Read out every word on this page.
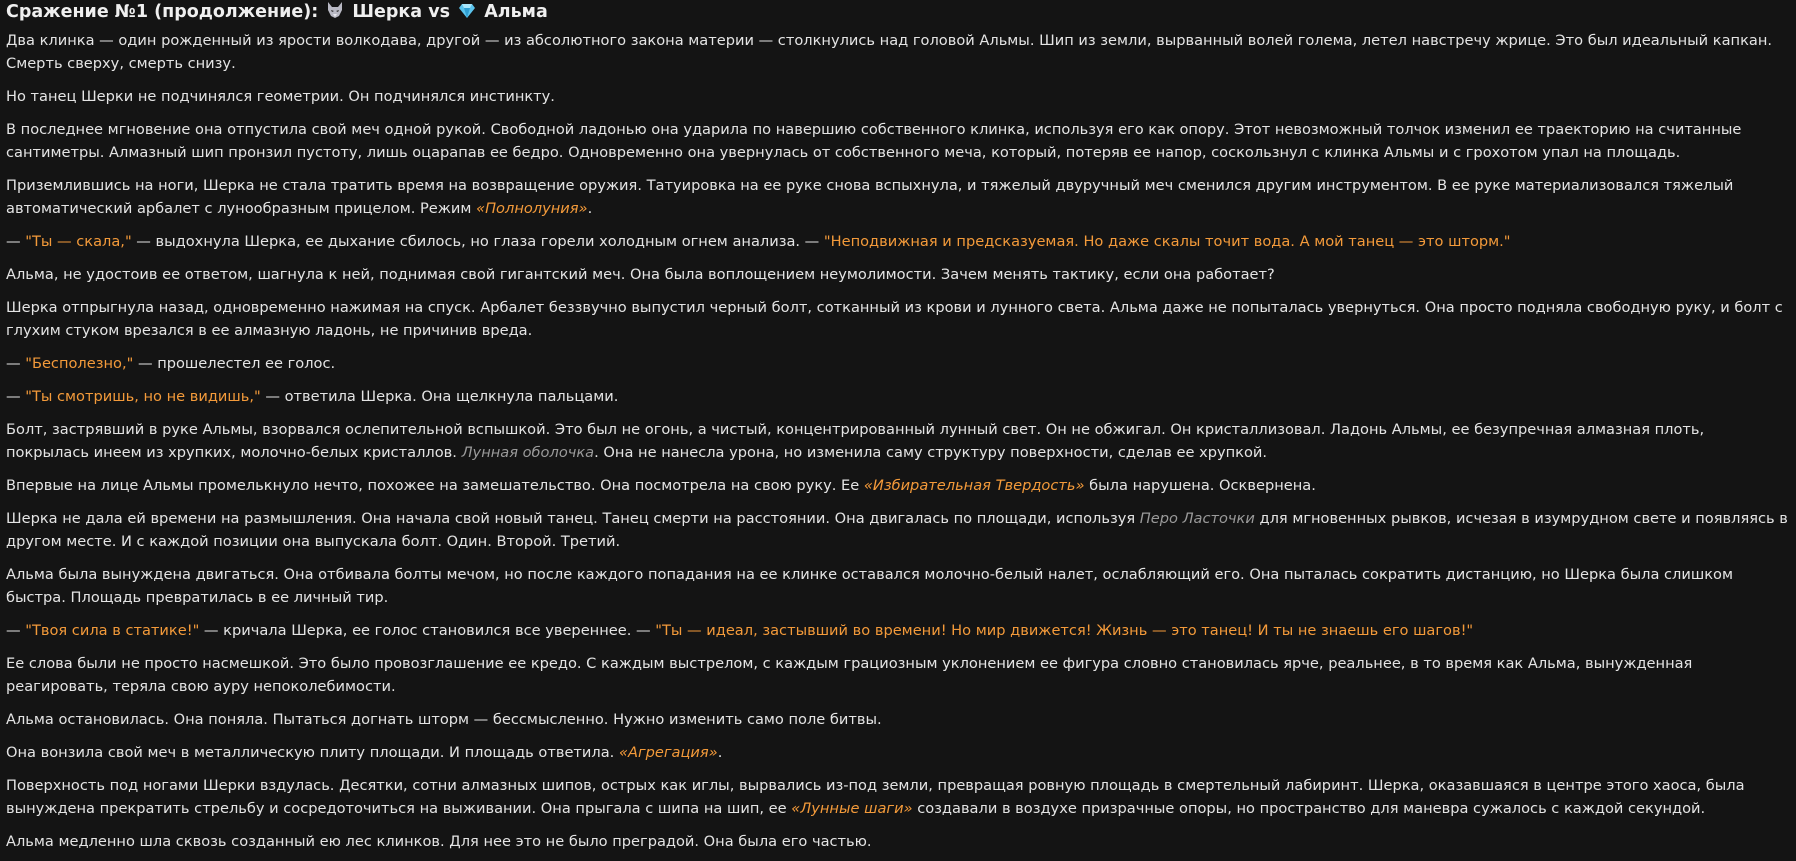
Сражение №1 (продолжение):  Шерка vs  Альма

Два клинка — один рожденный из ярости волкодава, другой — из абсолютного закона материи — столкнулись над головой Альмы. Шип из земли, вырванный волей голема, летел навстречу жрице. Это был идеальный капкан. Смерть сверху, смерть снизу.

Но танец Шерки не подчинялся геометрии. Он подчинялся инстинкту.

В последнее мгновение она отпустила свой меч одной рукой. Свободной ладонью она ударила по навершию собственного клинка, используя его как опору. Этот невозможный толчок изменил ее траекторию на считанные сантиметры. Алмазный шип пронзил пустоту, лишь оцарапав ее бедро. Одновременно она увернулась от собственного меча, который, потеряв ее напор, соскользнул с клинка Альмы и с грохотом упал на площадь.

Приземлившись на ноги, Шерка не стала тратить время на возвращение оружия. Татуировка на ее руке снова вспыхнула, и тяжелый двуручный меч сменился другим инструментом. В ее руке материализовался тяжелый автоматический арбалет с лунообразным прицелом. Режим «Полнолуния».

— "Ты — скала," — выдохнула Шерка, ее дыхание сбилось, но глаза горели холодным огнем анализа. — "Неподвижная и предсказуемая. Но даже скалы точит вода. А мой танец — это шторм."

Альма, не удостоив ее ответом, шагнула к ней, поднимая свой гигантский меч. Она была воплощением неумолимости. Зачем менять тактику, если она работает?

Шерка отпрыгнула назад, одновременно нажимая на спуск. Арбалет беззвучно выпустил черный болт, сотканный из крови и лунного света. Альма даже не попыталась увернуться. Она просто подняла свободную руку, и болт с глухим стуком врезался в ее алмазную ладонь, не причинив вреда.

— "Бесполезно," — прошелестел ее голос.

— "Ты смотришь, но не видишь," — ответила Шерка. Она щелкнула пальцами.

Болт, застрявший в руке Альмы, взорвался ослепительной вспышкой. Это был не огонь, а чистый, концентрированный лунный свет. Он не обжигал. Он кристаллизовал. Ладонь Альмы, ее безупречная алмазная плоть, покрылась инеем из хрупких, молочно-белых кристаллов. Лунная оболочка. Она не нанесла урона, но изменила саму структуру поверхности, сделав ее хрупкой.

Впервые на лице Альмы промелькнуло нечто, похожее на замешательство. Она посмотрела на свою руку. Ее «Избирательная Твердость» была нарушена. Осквернена.

Шерка не дала ей времени на размышления. Она начала свой новый танец. Танец смерти на расстоянии. Она двигалась по площади, используя Перо Ласточки для мгновенных рывков, исчезая в изумрудном свете и появляясь в другом месте. И с каждой позиции она выпускала болт. Один. Второй. Третий.

Альма была вынуждена двигаться. Она отбивала болты мечом, но после каждого попадания на ее клинке оставался молочно-белый налет, ослабляющий его. Она пыталась сократить дистанцию, но Шерка была слишком быстра. Площадь превратилась в ее личный тир.

— "Твоя сила в статике!" — кричала Шерка, ее голос становился все увереннее. — "Ты — идеал, застывший во времени! Но мир движется! Жизнь — это танец! И ты не знаешь его шагов!"

Ее слова были не просто насмешкой. Это было провозглашение ее кредо. С каждым выстрелом, с каждым грациозным уклонением ее фигура словно становилась ярче, реальнее, в то время как Альма, вынужденная реагировать, теряла свою ауру непоколебимости.

Альма остановилась. Она поняла. Пытаться догнать шторм — бессмысленно. Нужно изменить само поле битвы.

Она вонзила свой меч в металлическую плиту площади. И площадь ответила. «Агрегация».

Поверхность под ногами Шерки вздулась. Десятки, сотни алмазных шипов, острых как иглы, вырвались из-под земли, превращая ровную площадь в смертельный лабиринт. Шерка, оказавшаяся в центре этого хаоса, была вынуждена прекратить стрельбу и сосредоточиться на выживании. Она прыгала с шипа на шип, ее «Лунные шаги» создавали в воздухе призрачные опоры, но пространство для маневра сужалось с каждой секундой.

Альма медленно шла сквозь созданный ею лес клинков. Для нее это не было преградой. Она была его частью.
